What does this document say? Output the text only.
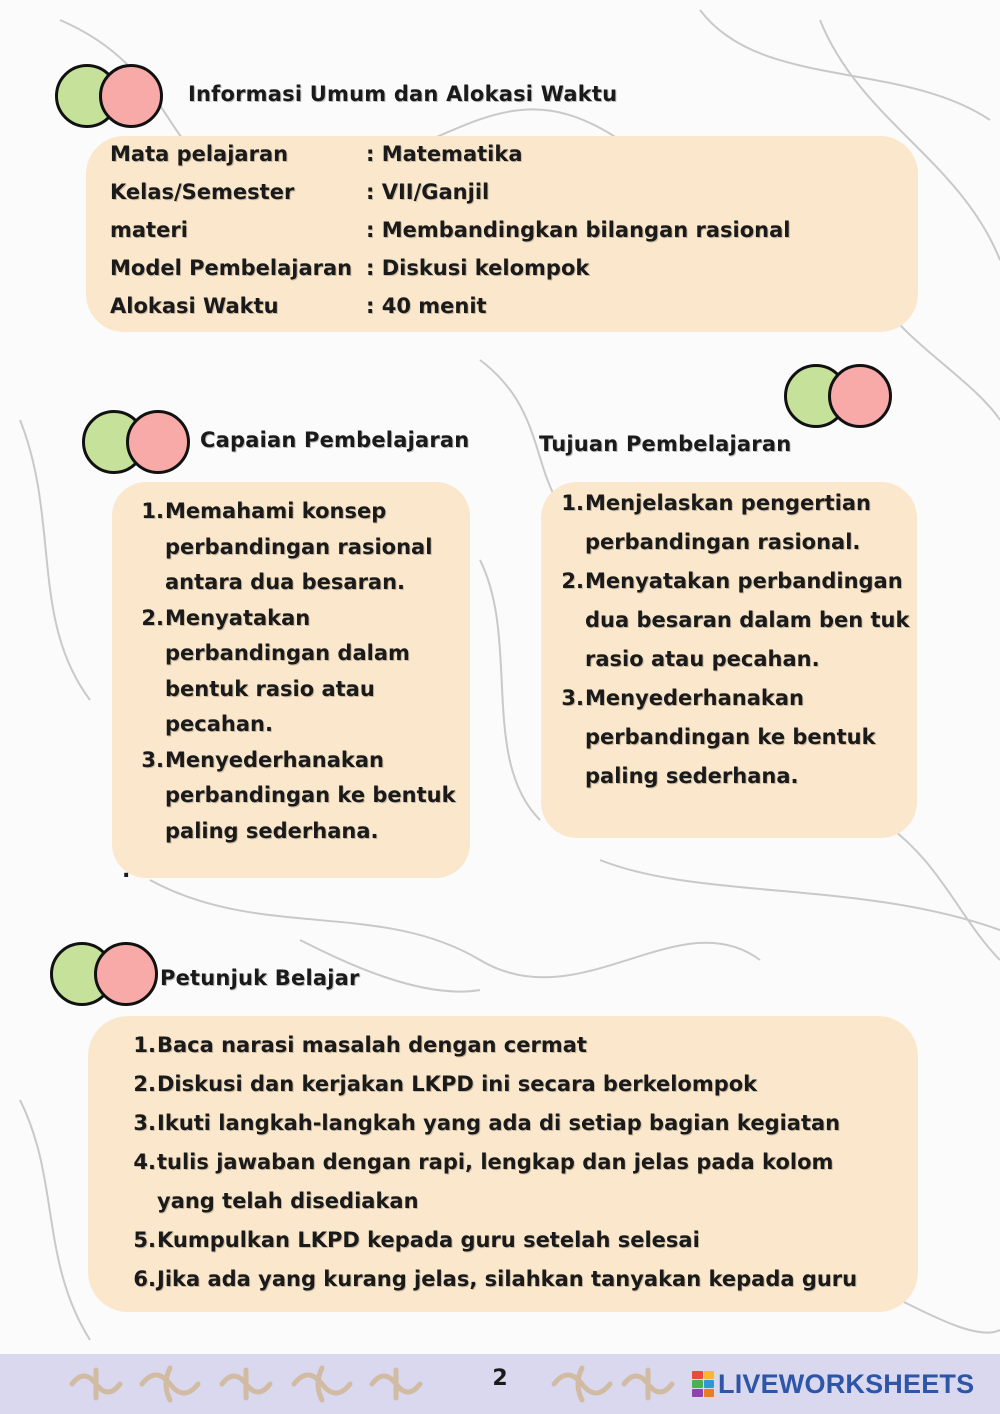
Informasi Umum dan Alokasi Waktu
Mata pelajaran	: Matematika
Kelas/Semester	: VII/Ganjil
materi	: Membandingkan bilangan rasional
Model Pembelajaran : Diskusi kelompok
Alokasi Waktu	: 40 menit
Capaian Pembelajaran
1. Memahami konsep
perbandingan rasional
antara dua besaran.
2. Menyatakan
perbandingan dalam
bentuk rasio atau
pecahan.
3. Menyederhanakan
perbandingan ke bentuk
paling sederhana.
.
Tujuan Pembelajaran
1. Menjelaskan pengertian
perbandingan rasional.
2. Menyatakan perbandingan
dua besaran dalam ben tuk
rasio atau pecahan.
3. Menyederhanakan
perbandingan ke bentuk
paling sederhana.
Petunjuk Belajar
1. Baca narasi masalah dengan cermat
2. Diskusi dan kerjakan LKPD ini secara berkelompok
3. Ikuti langkah-langkah yang ada di setiap bagian kegiatan
4. tulis jawaban dengan rapi, lengkap dan jelas pada kolom
yang telah disediakan
5. Kumpulkan LKPD kepada guru setelah selesai
6. Jika ada yang kurang jelas, silahkan tanyakan kepada guru
2	LIVEWORKSHEETS
